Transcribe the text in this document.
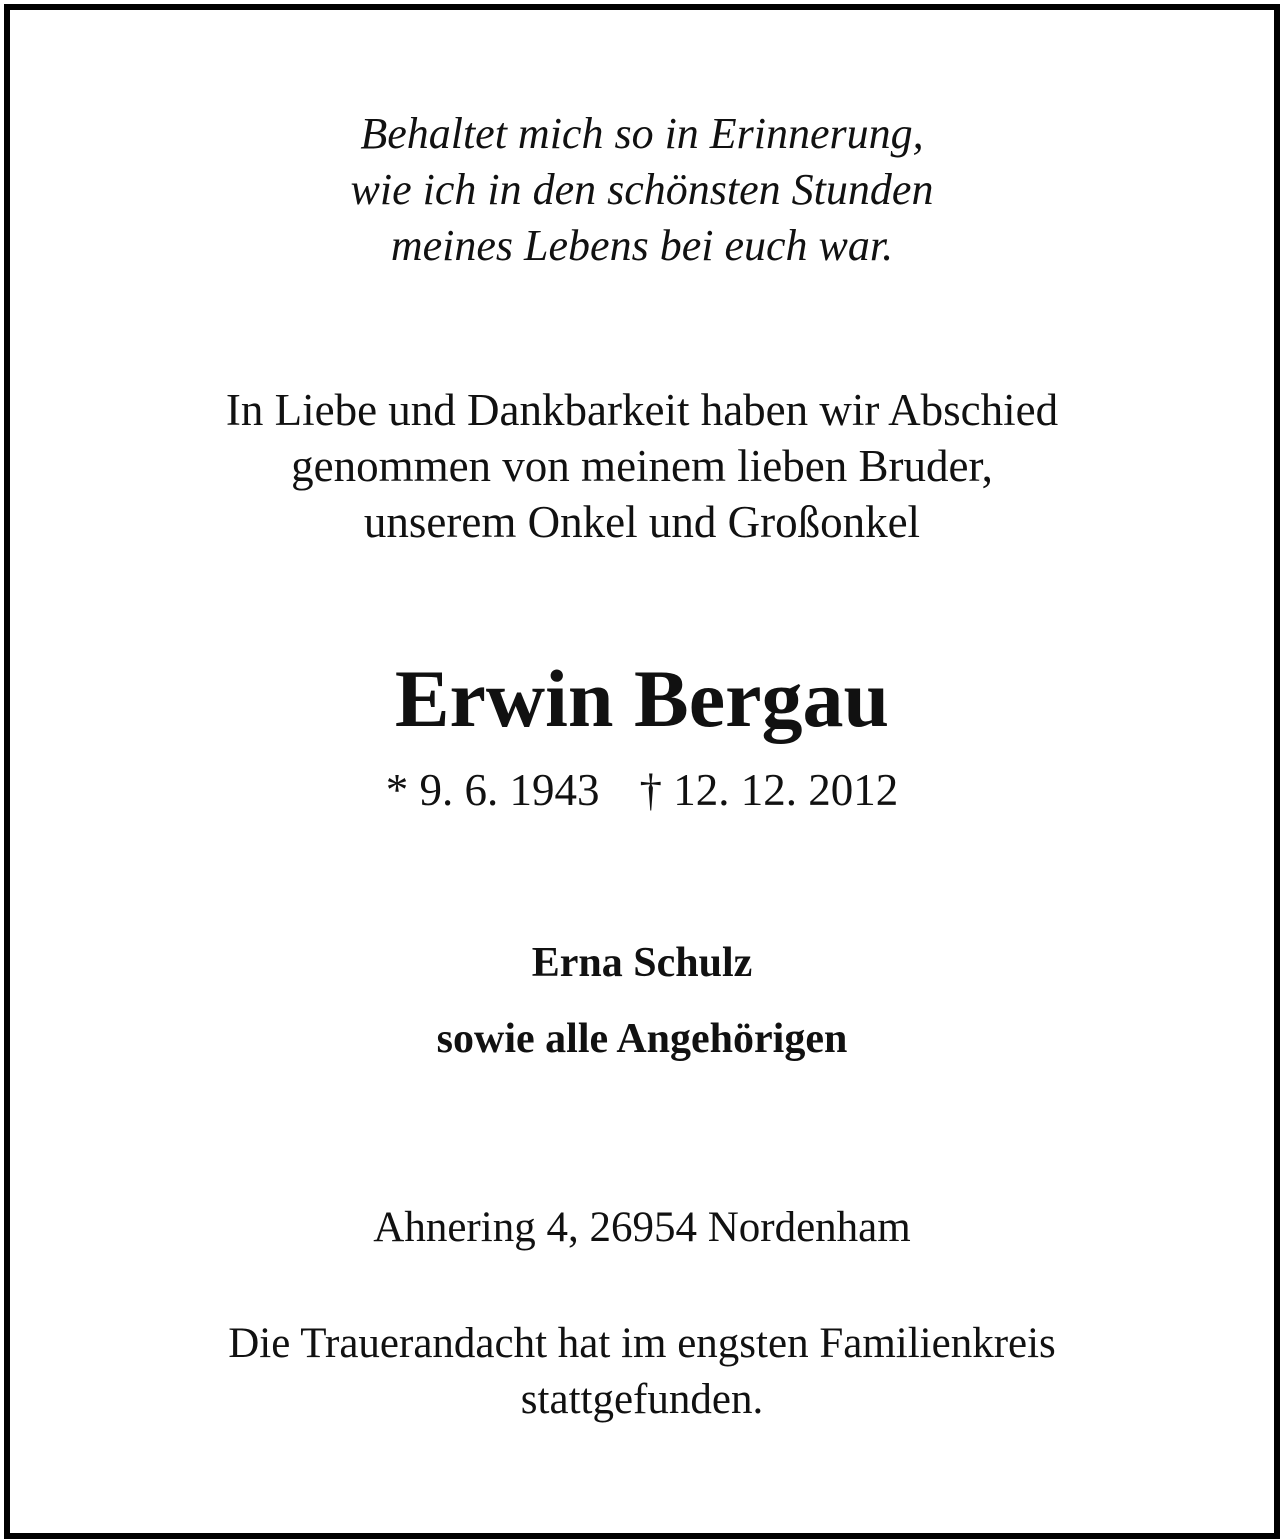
Behaltet mich so in Erinnerung,
wie ich in den schönsten Stunden
meines Lebens bei euch war.
In Liebe und Dankbarkeit haben wir Abschied
genommen von meinem lieben Bruder,
unserem Onkel und Großonkel
Erwin Bergau
* 9. 6. 1943 † 12. 12. 2012
Erna Schulz
sowie alle Angehörigen
Ahnering 4, 26954 Nordenham
Die Trauerandacht hat im engsten Familienkreis
stattgefunden.
